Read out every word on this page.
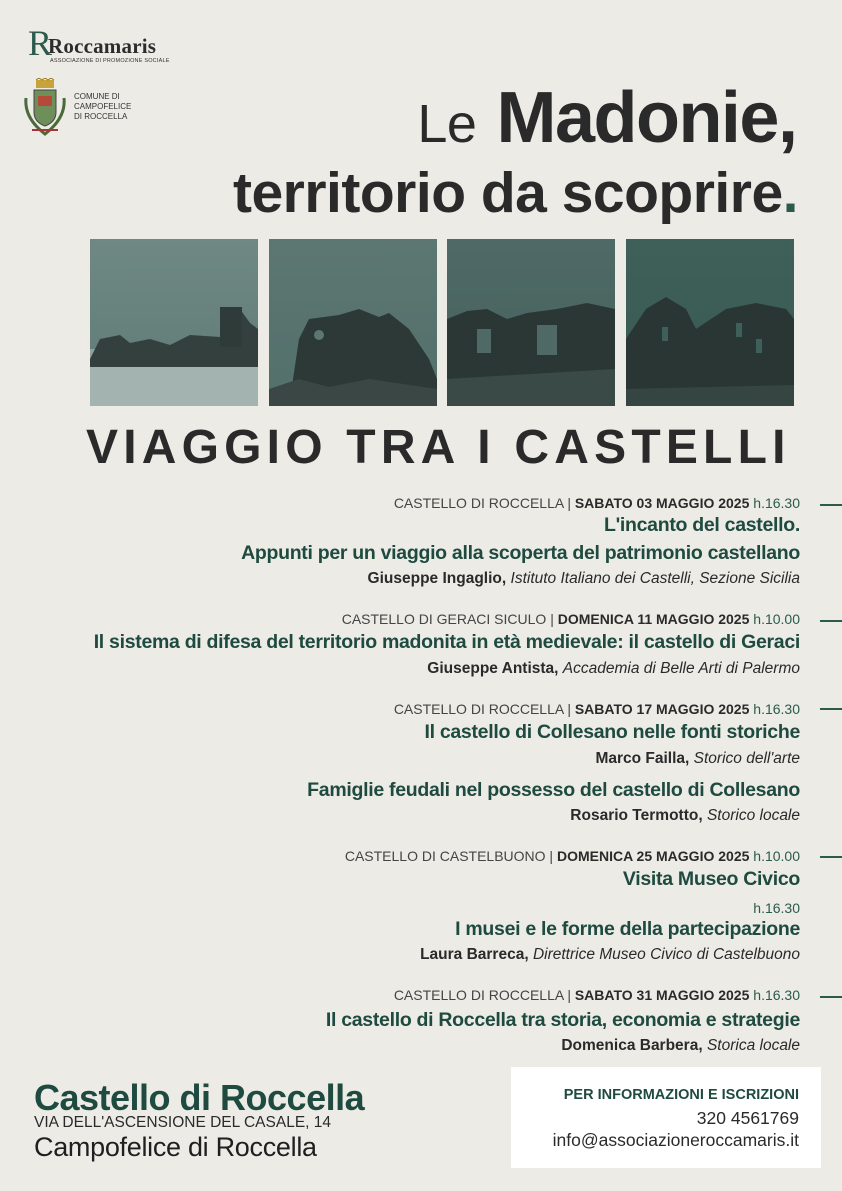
R
Roccamaris
ASSOCIAZIONE DI PROMOZIONE SOCIALE
COMUNE DI
CAMPOFELICE
DI ROCCELLA	Le Madonie,
territorio da scoprire.
VIAGGIO TRA I CASTELLI
CASTELLO DI ROCCELLA | SABATO 03 MAGGIO 2025 h.16.30
L'incanto del castello.
Appunti per un viaggio alla scoperta del patrimonio castellano
Giuseppe Ingaglio, Istituto Italiano dei Castelli, Sezione Sicilia
CASTELLO DI GERACI SICULO | DOMENICA 11 MAGGIO 2025 h.10.00
Il sistema di difesa del territorio madonita in età medievale: il castello di Geraci
Giuseppe Antista, Accademia di Belle Arti di Palermo
CASTELLO DI ROCCELLA | SABATO 17 MAGGIO 2025 h.16.30
Il castello di Collesano nelle fonti storiche
Marco Failla, Storico dell'arte
Famiglie feudali nel possesso del castello di Collesano
Rosario Termotto, Storico locale
CASTELLO DI CASTELBUONO | DOMENICA 25 MAGGIO 2025 h.10.00
Visita Museo Civico
h.16.30
I musei e le forme della partecipazione
Laura Barreca, Direttrice Museo Civico di Castelbuono
CASTELLO DI ROCCELLA | SABATO 31 MAGGIO 2025 h.16.30
Il castello di Roccella tra storia, economia e strategie
Domenica Barbera, Storica locale
Castello di Roccella
VIA DELL'ASCENSIONE DEL CASALE, 14
Campofelice di Roccella
PER INFORMAZIONI E ISCRIZIONI
320 4561769
info@associazioneroccamaris.it
